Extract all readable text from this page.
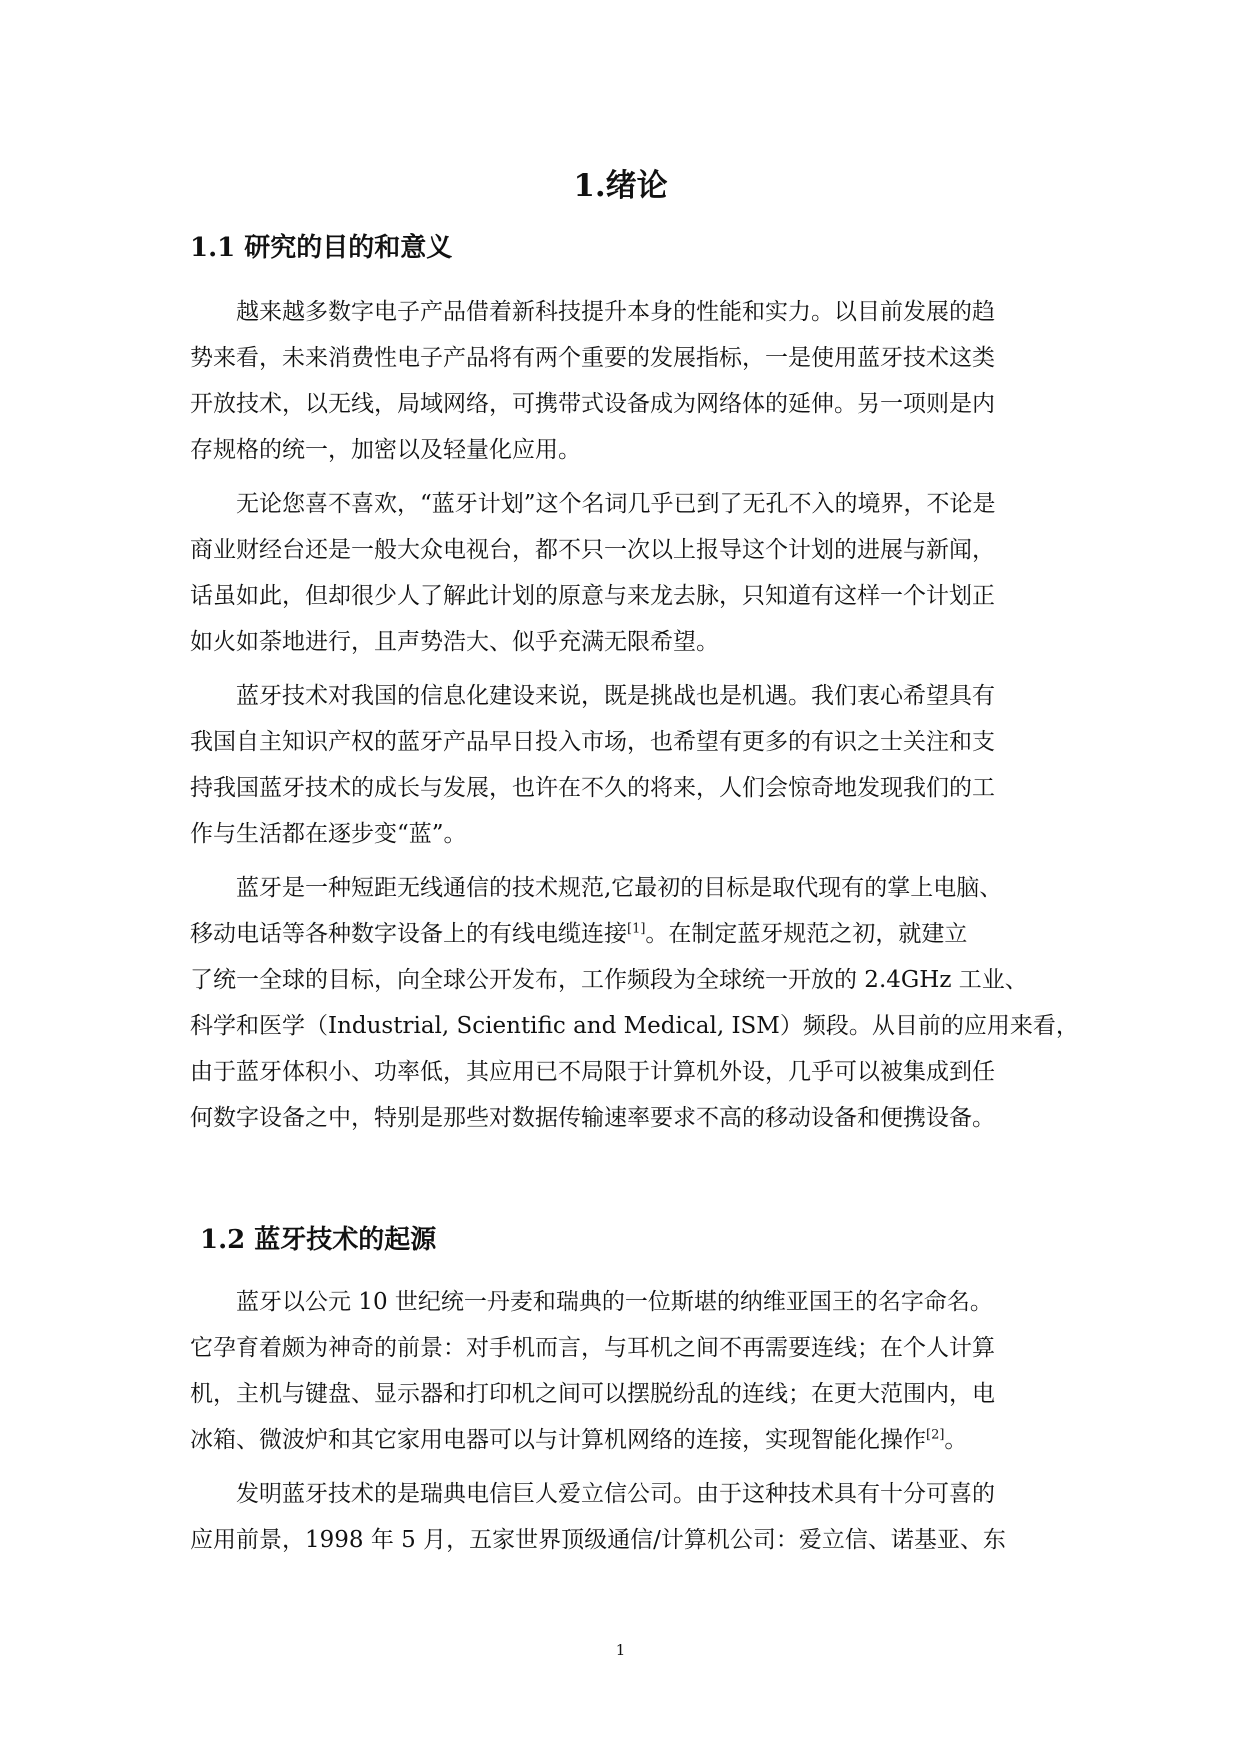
1.绪论
1.1 研究的目的和意义
越来越多数字电子产品借着新科技提升本身的性能和实力。以目前发展的趋
势来看，未来消费性电子产品将有两个重要的发展指标，一是使用蓝牙技术这类
开放技术，以无线，局域网络，可携带式设备成为网络体的延伸。另一项则是内
存规格的统一，加密以及轻量化应用。
无论您喜不喜欢，“蓝牙计划”这个名词几乎已到了无孔不入的境界，不论是
商业财经台还是一般大众电视台，都不只一次以上报导这个计划的进展与新闻，
话虽如此，但却很少人了解此计划的原意与来龙去脉，只知道有这样一个计划正
如火如荼地进行，且声势浩大、似乎充满无限希望。
蓝牙技术对我国的信息化建设来说，既是挑战也是机遇。我们衷心希望具有
我国自主知识产权的蓝牙产品早日投入市场，也希望有更多的有识之士关注和支
持我国蓝牙技术的成长与发展，也许在不久的将来，人们会惊奇地发现我们的工
作与生活都在逐步变“蓝”。
蓝牙是一种短距无线通信的技术规范,它最初的目标是取代现有的掌上电脑、
移动电话等各种数字设备上的有线电缆连接[1]。在制定蓝牙规范之初，就建立
了统一全球的目标，向全球公开发布，工作频段为全球统一开放的 2.4GHz 工业、
科学和医学（Industrial, Scientific and Medical, ISM）频段。从目前的应用来看，
由于蓝牙体积小、功率低，其应用已不局限于计算机外设，几乎可以被集成到任
何数字设备之中，特别是那些对数据传输速率要求不高的移动设备和便携设备。
1.2 蓝牙技术的起源
蓝牙以公元 10 世纪统一丹麦和瑞典的一位斯堪的纳维亚国王的名字命名。
它孕育着颇为神奇的前景：对手机而言，与耳机之间不再需要连线；在个人计算
机，主机与键盘、显示器和打印机之间可以摆脱纷乱的连线；在更大范围内，电
冰箱、微波炉和其它家用电器可以与计算机网络的连接，实现智能化操作[2]。
发明蓝牙技术的是瑞典电信巨人爱立信公司。由于这种技术具有十分可喜的
应用前景，1998 年 5 月，五家世界顶级通信/计算机公司：爱立信、诺基亚、东
1
